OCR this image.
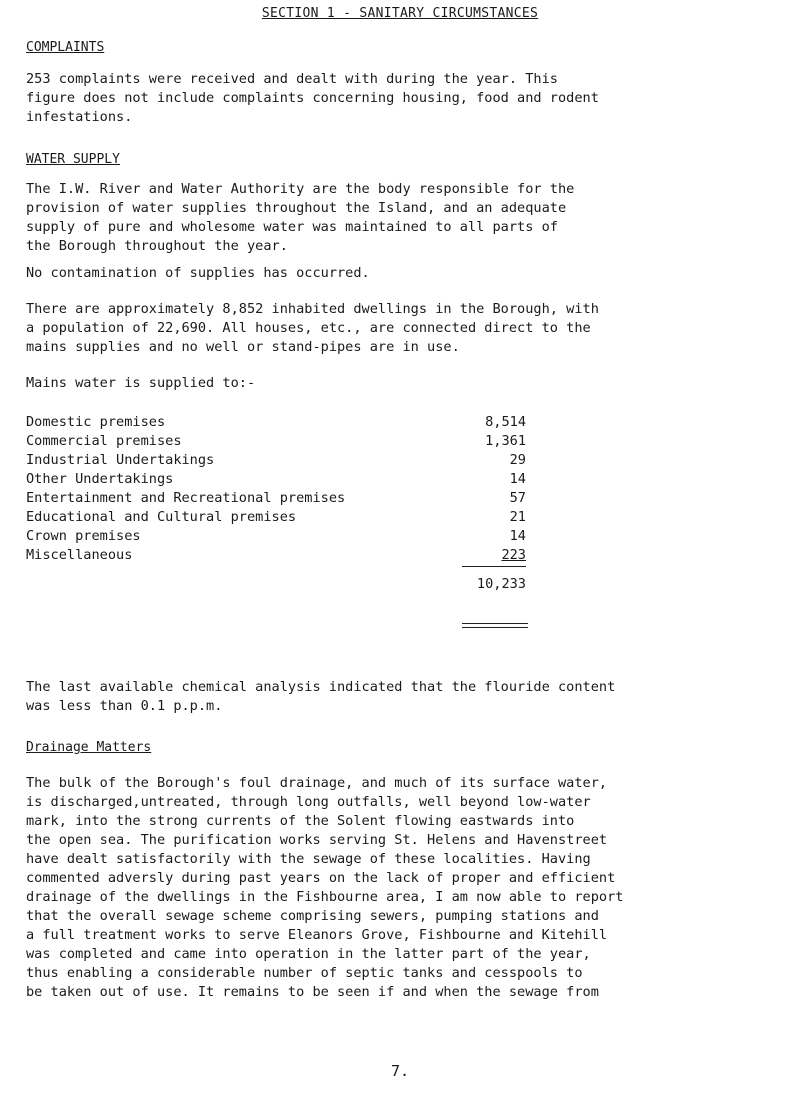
SECTION 1 - SANITARY CIRCUMSTANCES
COMPLAINTS
253 complaints were received and dealt with during the year. This
figure does not include complaints concerning housing, food and rodent
infestations.
WATER SUPPLY
The I.W. River and Water Authority are the body responsible for the
provision of water supplies throughout the Island, and an adequate
supply of pure and wholesome water was maintained to all parts of
the Borough throughout the year.
No contamination of supplies has occurred.
There are approximately 8,852 inhabited dwellings in the Borough, with
a population of 22,690. All houses, etc., are connected direct to the
mains supplies and no well or stand-pipes are in use.
Mains water is supplied to:-
Domestic premises	8,514
Commercial premises	1,361
Industrial Undertakings	29
Other Undertakings	14
Entertainment and Recreational premises	57
Educational and Cultural premises	21
Crown premises	14
Miscellaneous	223
10,233
The last available chemical analysis indicated that the flouride content
was less than 0.1 p.p.m.
Drainage Matters
The bulk of the Borough's foul drainage, and much of its surface water,
is discharged,untreated, through long outfalls, well beyond low-water
mark, into the strong currents of the Solent flowing eastwards into
the open sea. The purification works serving St. Helens and Havenstreet
have dealt satisfactorily with the sewage of these localities. Having
commented adversly during past years on the lack of proper and efficient
drainage of the dwellings in the Fishbourne area, I am now able to report
that the overall sewage scheme comprising sewers, pumping stations and
a full treatment works to serve Eleanors Grove, Fishbourne and Kitehill
was completed and came into operation in the latter part of the year,
thus enabling a considerable number of septic tanks and cesspools to
be taken out of use. It remains to be seen if and when the sewage from
7.
